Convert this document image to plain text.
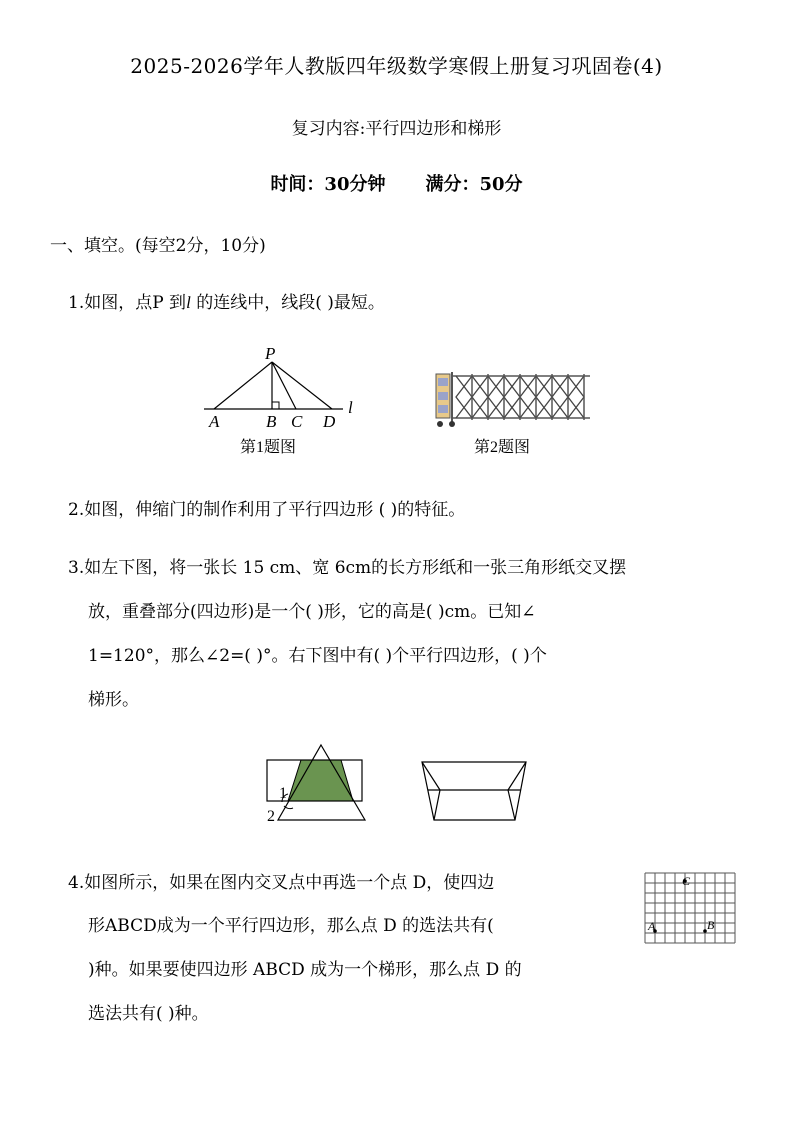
2025-2026学年人教版四年级数学寒假上册复习巩固卷(4)
复习内容:平行四边形和梯形
时间：30分钟 满分：50分
一、填空。(每空2分，10分)
1.如图，点P 到l 的连线中，线段( )最短。
P
A	B C D
l
第1题图	第2题图
2.如图，伸缩门的制作利用了平行四边形 ( )的特征。
3.如左下图，将一张长 15 cm、宽 6cm的长方形纸和一张三角形纸交叉摆
放，重叠部分(四边形)是一个( )形，它的高是( )cm。已知∠
1=120°，那么∠2=( )°。右下图中有( )个平行四边形，( )个
梯形。
1
2
4.如图所示，如果在图内交叉点中再选一个点 D，使四边
形ABCD成为一个平行四边形，那么点 D 的选法共有(
)种。如果要使四边形 ABCD 成为一个梯形，那么点 D 的
选法共有( )种。
C
A	B
